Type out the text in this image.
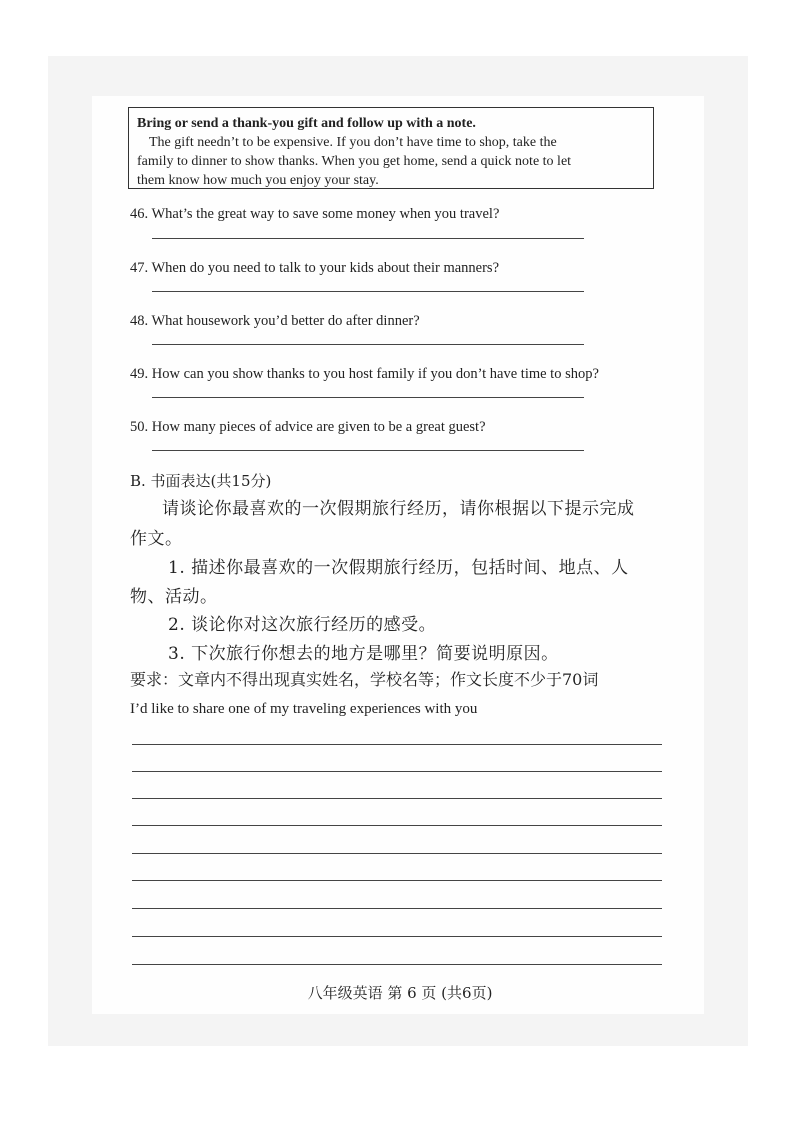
Bring or send a thank-you gift and follow up with a note.
The gift needn’t to be expensive. If you don’t have time to shop, take the
family to dinner to show thanks. When you get home, send a quick note to let
them know how much you enjoy your stay.
46. What’s the great way to save some money when you travel?
47. When do you need to talk to your kids about their manners?
48. What housework you’d better do after dinner?
49. How can you show thanks to you host family if you don’t have time to shop?
50. How many pieces of advice are given to be a great guest?
B. 书面表达(共15分)
请谈论你最喜欢的一次假期旅行经历，请你根据以下提示完成
作文。
1. 描述你最喜欢的一次假期旅行经历，包括时间、地点、人
物、活动。
2. 谈论你对这次旅行经历的感受。
3. 下次旅行你想去的地方是哪里？简要说明原因。
要求：文章内不得出现真实姓名，学校名等；作文长度不少于70词
I’d like to share one of my traveling experiences with you
八年级英语 第 6 页 (共6页)
